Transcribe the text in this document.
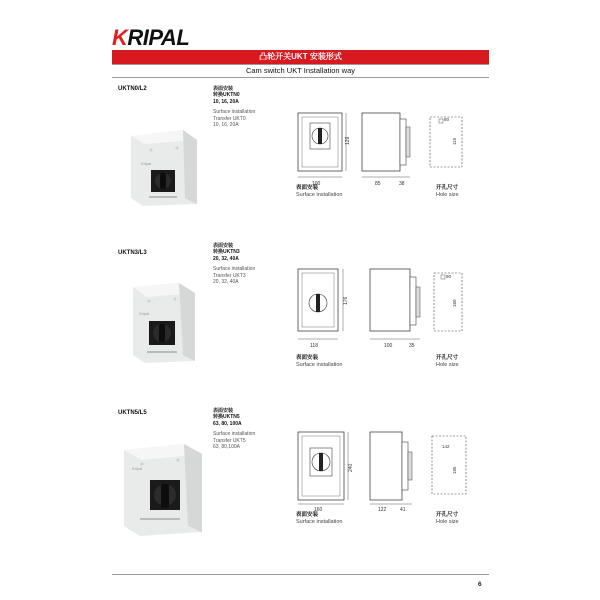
KRIPAL
凸轮开关UKT 安装形式
Cam switch UKT Installation way
UKTN0/L2	表面安装
转换UKTN0
10, 16, 20A
Surface installation
Transfer UKT0
10, 16, 20A
Kripal
100
129
85	38
80
115
表面安装
Surface installation
开孔尺寸
Hole size
UKTN3/L3
表面安装
转换UKTN3
20, 32, 40A
Surface installation
Transfer UKT3
20, 32, 40A
Kripal
118
176
100	35
90
160
表面安装
Surface installation
开孔尺寸
Hole size
UKTN5/L5	表面安装
转换UKTN5
63, 80, 100A
Surface installation
Transfer UKT5
63, 80,100A
Kripal
160
240
122	41
142
185
表面安装
Surface installation
开孔尺寸
Hole size
6
